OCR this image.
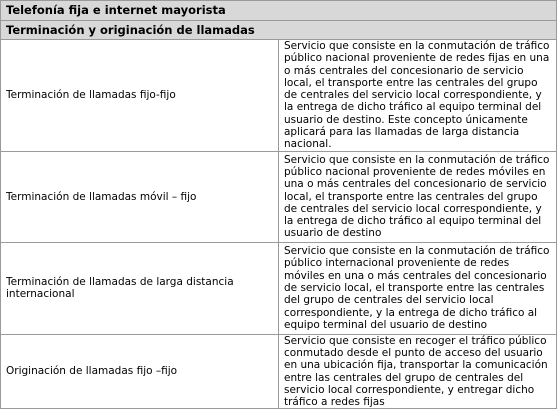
Telefonía fija e internet mayorista	
Terminación y originación de llamadas	
Terminación de llamadas fijo-fijo	Servicio que consiste en la conmutación de tráfico público nacional proveniente de redes fijas en una o más centrales del concesionario de servicio local, el transporte entre las centrales del grupo de centrales del servicio local correspondiente, y la entrega de dicho tráfico al equipo terminal del usuario de destino. Este concepto únicamente aplicará para las llamadas de larga distancia nacional.
Terminación de llamadas móvil – fijo	Servicio que consiste en la conmutación de tráfico público nacional proveniente de redes móviles en una o más centrales del concesionario de servicio local, el transporte entre las centrales del grupo de centrales del servicio local correspondiente, y la entrega de dicho tráfico al equipo terminal del usuario de destino
Terminación de llamadas de larga distancia internacional	Servicio que consiste en la conmutación de tráfico público internacional proveniente de redes móviles en una o más centrales del concesionario de servicio local, el transporte entre las centrales del grupo de centrales del servicio local correspondiente, y la entrega de dicho tráfico al equipo terminal del usuario de destino
Originación de llamadas fijo –fijo	Servicio que consiste en recoger el tráfico público conmutado desde el punto de acceso del usuario en una ubicación fija, transportar la comunicación entre las centrales del grupo de centrales del servicio local correspondiente, y entregar dicho tráfico a redes fijas
